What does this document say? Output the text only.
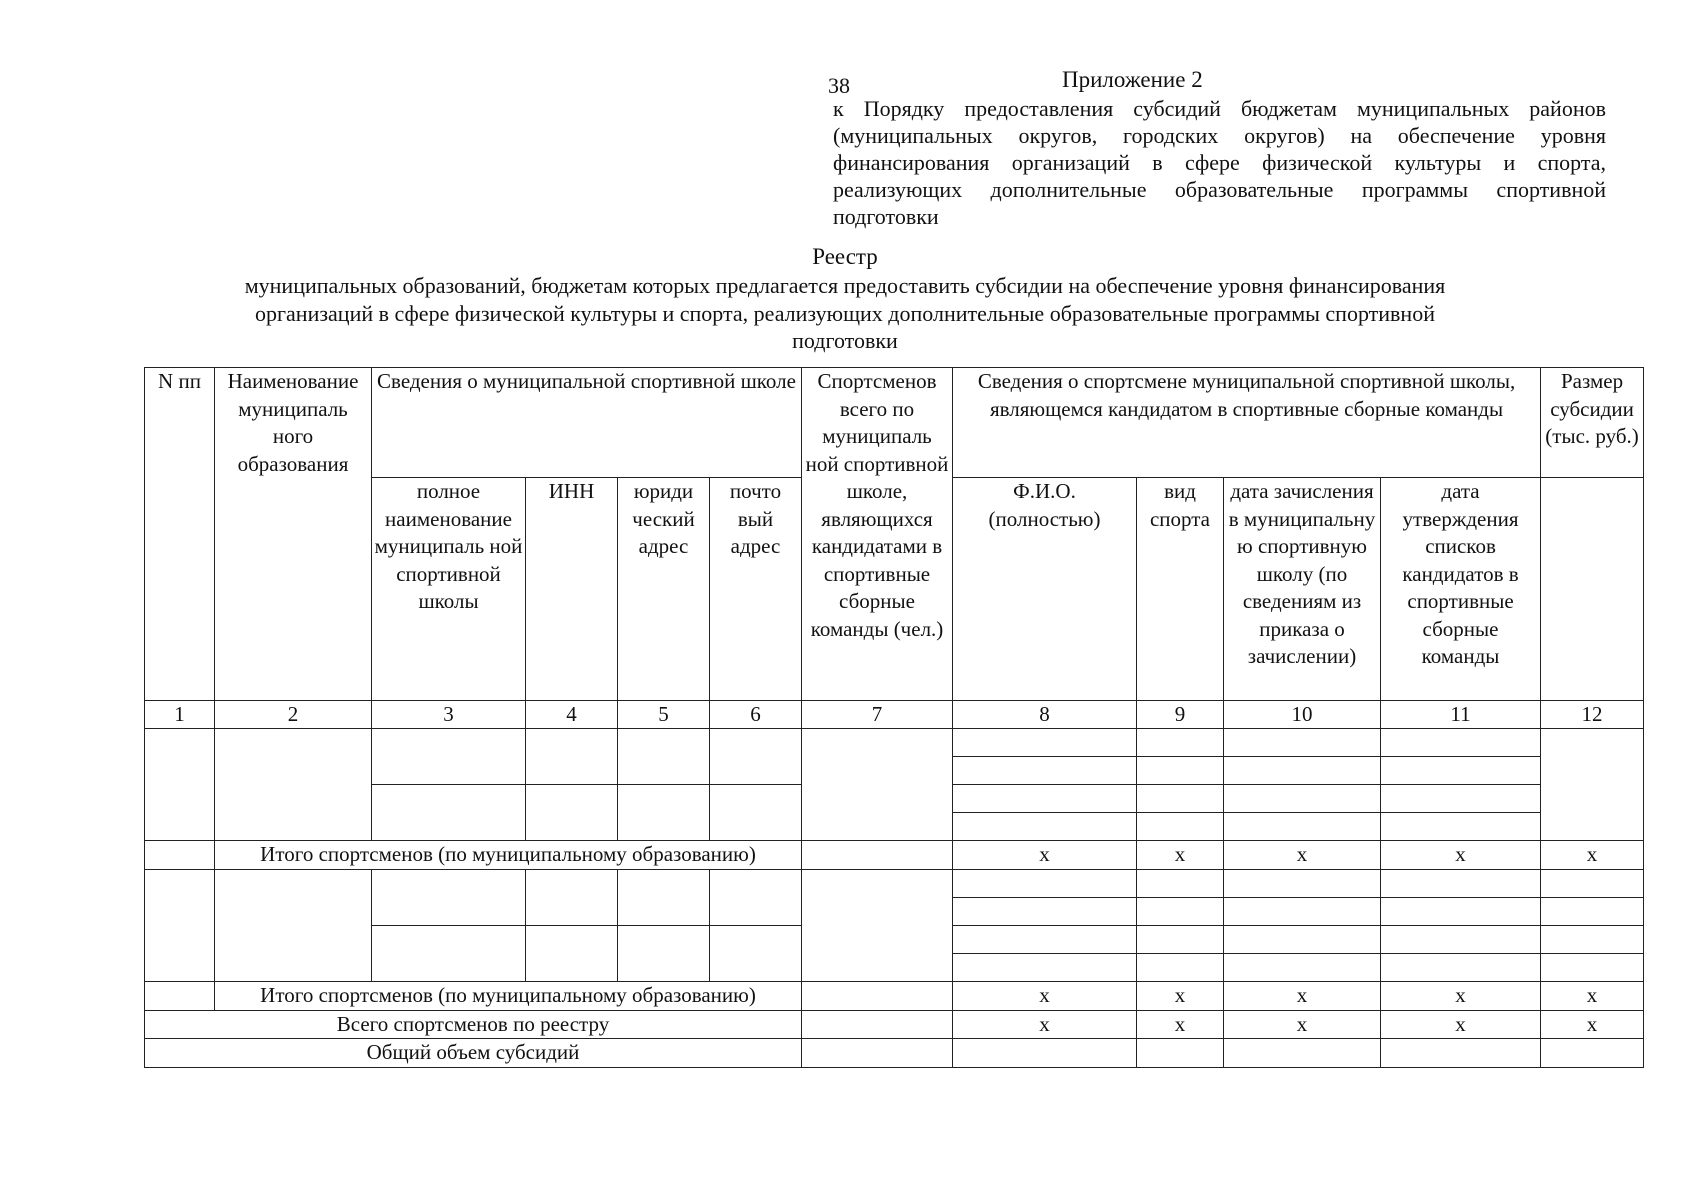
38	Приложение 2
к Порядку предоставления субсидий бюджетам муниципальных районов
(муниципальных округов, городских округов) на обеспечение уровня
финансирования организаций в сфере физической культуры и спорта,
реализующих дополнительные образовательные программы спортивной
подготовки
Реестр
муниципальных образований, бюджетам которых предлагается предоставить субсидии на обеспечение уровня финансирования
организаций в сфере физической культуры и спорта, реализующих дополнительные образовательные программы спортивной
подготовки
N пп	Наименование муниципаль ного образования	Сведения о муниципальной спортивной школе				Спортсменов всего по муниципаль ной спортивной школе, являющихся кандидатами в спортивные сборные команды (чел.)	Сведения о спортсмене муниципальной спортивной школы, являющемся кандидатом в спортивные сборные команды				Размер субсидии (тыс. руб.)
		полное наименование муниципаль ной спортивной школы	ИНН	юриди ческий адрес	почто вый адрес		Ф.И.О. (полностью)	вид спорта	дата зачисления в муниципальну ю спортивную школу (по сведениям из приказа о зачислении)	дата утверждения списков кандидатов в спортивные сборные команды	
1	2	3	4	5	6	7	8	9	10	11	12

	Итого спортсменов (по муниципальному образованию)						x	x	x	x	x

	Итого спортсменов (по муниципальному образованию)						x	x	x	x	x
Всего спортсменов по реестру							x	x	x	x	x
Общий объем субсидий											
